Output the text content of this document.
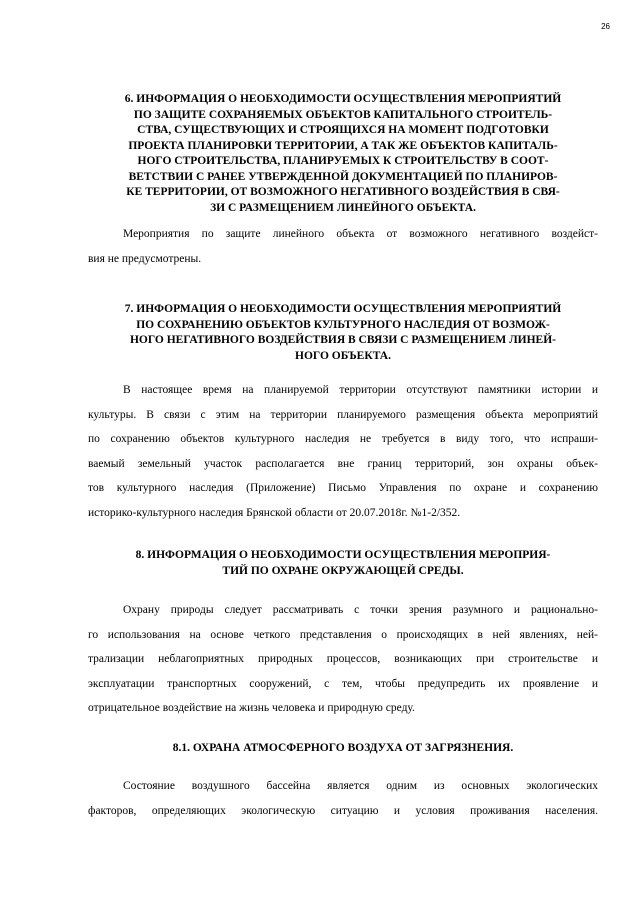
26
6. ИНФОРМАЦИЯ О НЕОБХОДИМОСТИ ОСУЩЕСТВЛЕНИЯ МЕРОПРИЯТИЙ
ПО ЗАЩИТЕ СОХРАНЯЕМЫХ ОБЪЕКТОВ КАПИТАЛЬНОГО СТРОИТЕЛЬ-
СТВА, СУЩЕСТВУЮЩИХ И СТРОЯЩИХСЯ НА МОМЕНТ ПОДГОТОВКИ
ПРОЕКТА ПЛАНИРОВКИ ТЕРРИТОРИИ, А ТАК ЖЕ ОБЪЕКТОВ КАПИТАЛЬ-
НОГО СТРОИТЕЛЬСТВА, ПЛАНИРУЕМЫХ К СТРОИТЕЛЬСТВУ В СООТ-
ВЕТСТВИИ С РАНЕЕ УТВЕРЖДЕННОЙ ДОКУМЕНТАЦИЕЙ ПО ПЛАНИРОВ-
КЕ ТЕРРИТОРИИ, ОТ ВОЗМОЖНОГО НЕГАТИВНОГО ВОЗДЕЙСТВИЯ В СВЯ-
ЗИ С РАЗМЕЩЕНИЕМ ЛИНЕЙНОГО ОБЪЕКТА.
Мероприятия по защите линейного объекта от возможного негативного воздейст-
вия не предусмотрены.
7. ИНФОРМАЦИЯ О НЕОБХОДИМОСТИ ОСУЩЕСТВЛЕНИЯ МЕРОПРИЯТИЙ
ПО СОХРАНЕНИЮ ОБЪЕКТОВ КУЛЬТУРНОГО НАСЛЕДИЯ ОТ ВОЗМОЖ-
НОГО НЕГАТИВНОГО ВОЗДЕЙСТВИЯ В СВЯЗИ С РАЗМЕЩЕНИЕМ ЛИНЕЙ-
НОГО ОБЪЕКТА.
В настоящее время на планируемой территории отсутствуют памятники истории и
культуры. В связи с этим на территории планируемого размещения объекта мероприятий
по сохранению объектов культурного наследия не требуется в виду того, что испраши-
ваемый земельный участок располагается вне границ территорий, зон охраны объек-
тов культурного наследия (Приложение) Письмо Управления по охране и сохранению
историко-культурного наследия Брянской области от 20.07.2018г. №1-2/352.
8. ИНФОРМАЦИЯ О НЕОБХОДИМОСТИ ОСУЩЕСТВЛЕНИЯ МЕРОПРИЯ-
ТИЙ ПО ОХРАНЕ ОКРУЖАЮЩЕЙ СРЕДЫ.
Охрану природы следует рассматривать с точки зрения разумного и рационально-
го использования на основе четкого представления о происходящих в ней явлениях, ней-
трализации неблагоприятных природных процессов, возникающих при строительстве и
эксплуатации транспортных сооружений, с тем, чтобы предупредить их проявление и
отрицательное воздействие на жизнь человека и природную среду.
8.1. ОХРАНА АТМОСФЕРНОГО ВОЗДУХА ОТ ЗАГРЯЗНЕНИЯ.
Состояние воздушного бассейна является одним из основных экологических
факторов, определяющих экологическую ситуацию и условия проживания населения.
